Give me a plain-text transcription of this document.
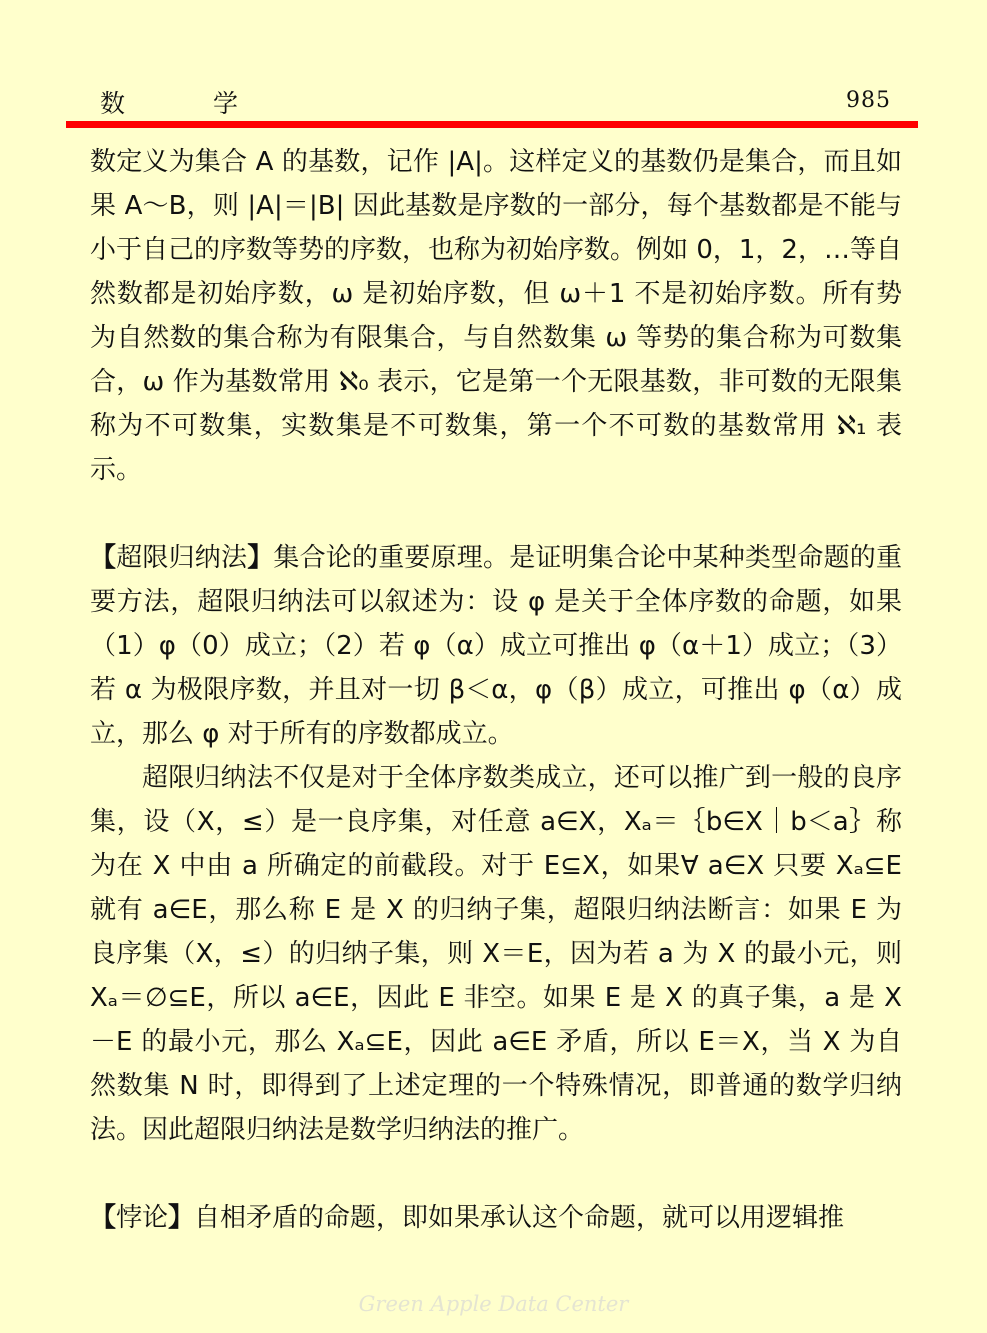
数 学	985

数定义为集合 A 的基数，记作 |A|。这样定义的基数仍是集合，而且如果 A～B，则 |A|＝|B| 因此基数是序数的一部分，每个基数都是不能与小于自己的序数等势的序数，也称为初始序数。例如 0，1，2，…等自然数都是初始序数，ω 是初始序数，但 ω＋1 不是初始序数。所有势为自然数的集合称为有限集合，与自然数集 ω 等势的集合称为可数集合，ω 作为基数常用 ℵ₀ 表示，它是第一个无限基数，非可数的无限集称为不可数集，实数集是不可数集，第一个不可数的基数常用 ℵ₁ 表示。

【超限归纳法】集合论的重要原理。是证明集合论中某种类型命题的重要方法，超限归纳法可以叙述为：设 φ 是关于全体序数的命题，如果（1）φ（0）成立；（2）若 φ（α）成立可推出 φ（α＋1）成立；（3）若 α 为极限序数，并且对一切 β＜α，φ（β）成立，可推出 φ（α）成立，那么 φ 对于所有的序数都成立。

超限归纳法不仅是对于全体序数类成立，还可以推广到一般的良序集，设（X，≤）是一良序集，对任意 a∈X，Xₐ＝｛b∈X｜b＜a｝称为在 X 中由 a 所确定的前截段。对于 E⊆X，如果∀ a∈X 只要 Xₐ⊆E 就有 a∈E，那么称 E 是 X 的归纳子集，超限归纳法断言：如果 E 为良序集（X，≤）的归纳子集，则 X＝E，因为若 a 为 X 的最小元，则 Xₐ＝∅⊆E，所以 a∈E，因此 E 非空。如果 E 是 X 的真子集，a 是 X－E 的最小元，那么 Xₐ⊆E，因此 a∈E 矛盾，所以 E＝X，当 X 为自然数集 N 时，即得到了上述定理的一个特殊情况，即普通的数学归纳法。因此超限归纳法是数学归纳法的推广。

【悖论】自相矛盾的命题，即如果承认这个命题，就可以用逻辑推

Green Apple Data Center
